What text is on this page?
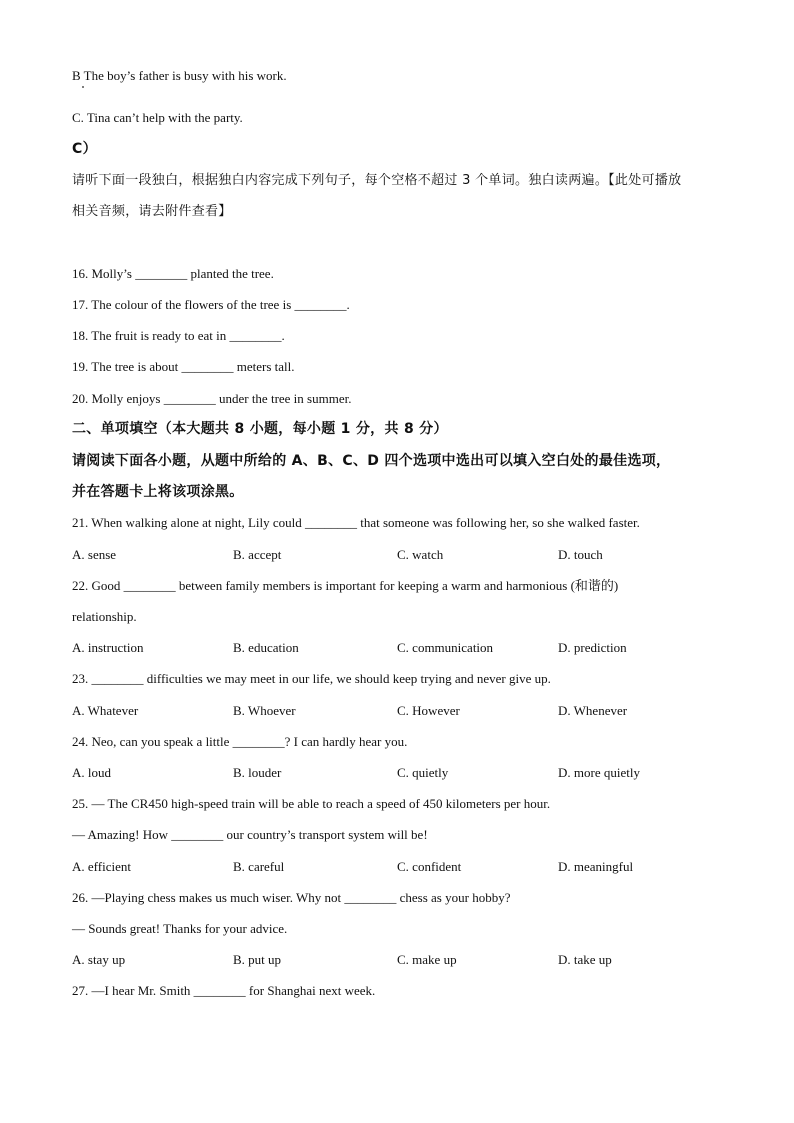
B The boy’s father is busy with his work.
C. Tina can’t help with the party.
C）
请听下面一段独白，根据独白内容完成下列句子，每个空格不超过 3 个单词。独白读两遍。【此处可播放
相关音频，请去附件查看】
16. Molly’s ________ planted the tree.
17. The colour of the flowers of the tree is ________.
18. The fruit is ready to eat in ________.
19. The tree is about ________ meters tall.
20. Molly enjoys ________ under the tree in summer.
二、单项填空（本大题共 8 小题，每小题 1 分，共 8 分）
请阅读下面各小题，从题中所给的 A、B、C、D 四个选项中选出可以填入空白处的最佳选项，
并在答题卡上将该项涂黑。
21. When walking alone at night, Lily could ________ that someone was following her, so she walked faster.
A. sense	B. accept	C. watch	D. touch
22. Good ________ between family members is important for keeping a warm and harmonious (和谐的)
relationship.
A. instruction	B. education	C. communication	D. prediction
23. ________ difficulties we may meet in our life, we should keep trying and never give up.
A. Whatever	B. Whoever	C. However	D. Whenever
24. Neo, can you speak a little ________? I can hardly hear you.
A. loud	B. louder	C. quietly	D. more quietly
25. — The CR450 high-speed train will be able to reach a speed of 450 kilometers per hour.
— Amazing! How ________ our country’s transport system will be!
A. efficient	B. careful	C. confident	D. meaningful
26. —Playing chess makes us much wiser. Why not ________ chess as your hobby?
— Sounds great! Thanks for your advice.
A. stay up	B. put up	C. make up	D. take up
27. —I hear Mr. Smith ________ for Shanghai next week.
